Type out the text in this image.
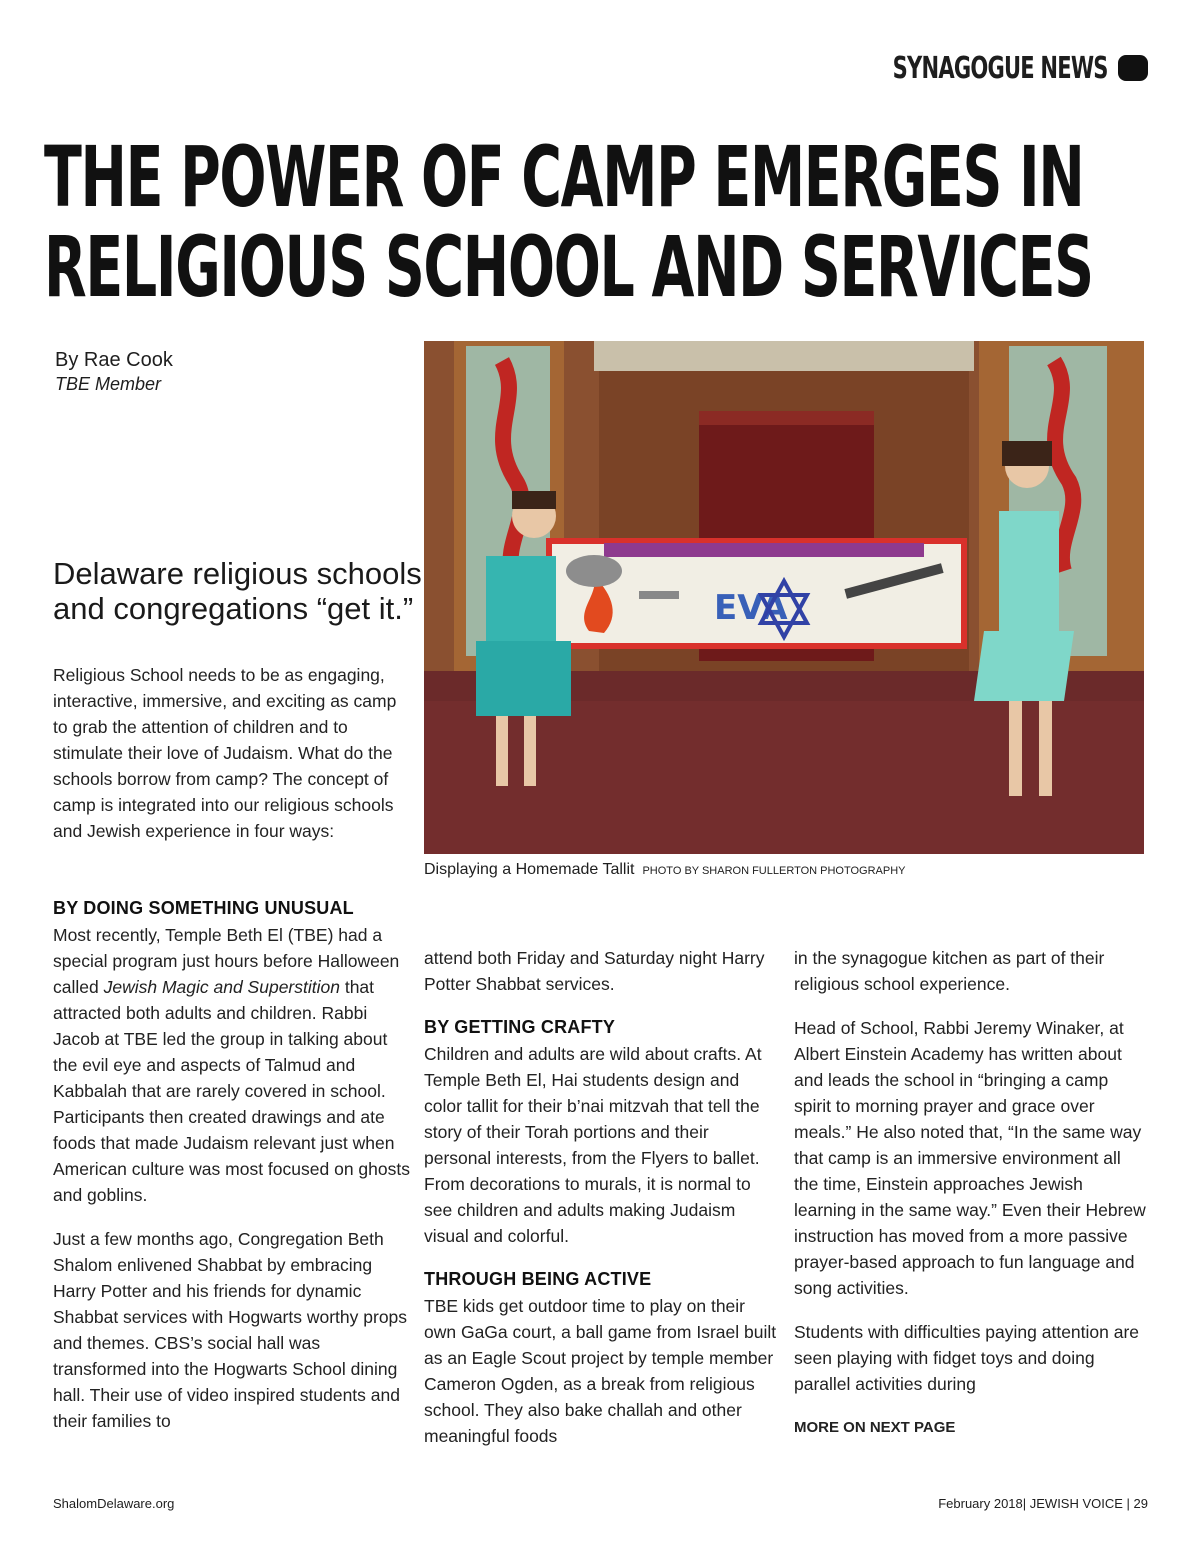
SYNAGOGUE NEWS
THE POWER OF CAMP EMERGES IN
RELIGIOUS SCHOOL AND SERVICES
By Rae Cook
TBE Member
EVA
Displaying a Homemade Tallit PHOTO BY SHARON FULLERTON PHOTOGRAPHY

Delaware religious schools and congregations “get it.”

Religious School needs to be as engaging, interactive, immersive, and exciting as camp to grab the attention of children and to stimulate their love of Judaism. What do the schools borrow from camp? The concept of camp is integrated into our religious schools and Jewish experience in four ways:

BY DOING SOMETHING UNUSUAL

Most recently, Temple Beth El (TBE) had a special program just hours before Halloween called Jewish Magic and Superstition that attracted both adults and children. Rabbi Jacob at TBE led the group in talking about the evil eye and aspects of Talmud and Kabbalah that are rarely covered in school. Participants then created drawings and ate foods that made Judaism relevant just when American culture was most focused on ghosts and goblins.

Just a few months ago, Congregation Beth Shalom enlivened Shabbat by embracing Harry Potter and his friends for dynamic Shabbat services with Hogwarts worthy props and themes. CBS’s social hall was transformed into the Hogwarts School dining hall. Their use of video inspired students and their families to

attend both Friday and Saturday night Harry Potter Shabbat services.

BY GETTING CRAFTY

Children and adults are wild about crafts. At Temple Beth El, Hai students design and color tallit for their b’nai mitzvah that tell the story of their Torah portions and their personal interests, from the Flyers to ballet. From decorations to murals, it is normal to see children and adults making Judaism visual and colorful.

THROUGH BEING ACTIVE

TBE kids get outdoor time to play on their own GaGa court, a ball game from Israel built as an Eagle Scout project by temple member Cameron Ogden, as a break from religious school. They also bake challah and other meaningful foods

in the synagogue kitchen as part of their religious school experience.

Head of School, Rabbi Jeremy Winaker, at Albert Einstein Academy has written about and leads the school in “bringing a camp spirit to morning prayer and grace over meals.” He also noted that, “In the same way that camp is an immersive environment all the time, Einstein approaches Jewish learning in the same way.” Even their Hebrew instruction has moved from a more passive prayer-based approach to fun language and song activities.

Students with difficulties paying attention are seen playing with fidget toys and doing parallel activities during

MORE ON NEXT PAGE
ShalomDelaware.org	February 2018| JEWISH VOICE | 29
